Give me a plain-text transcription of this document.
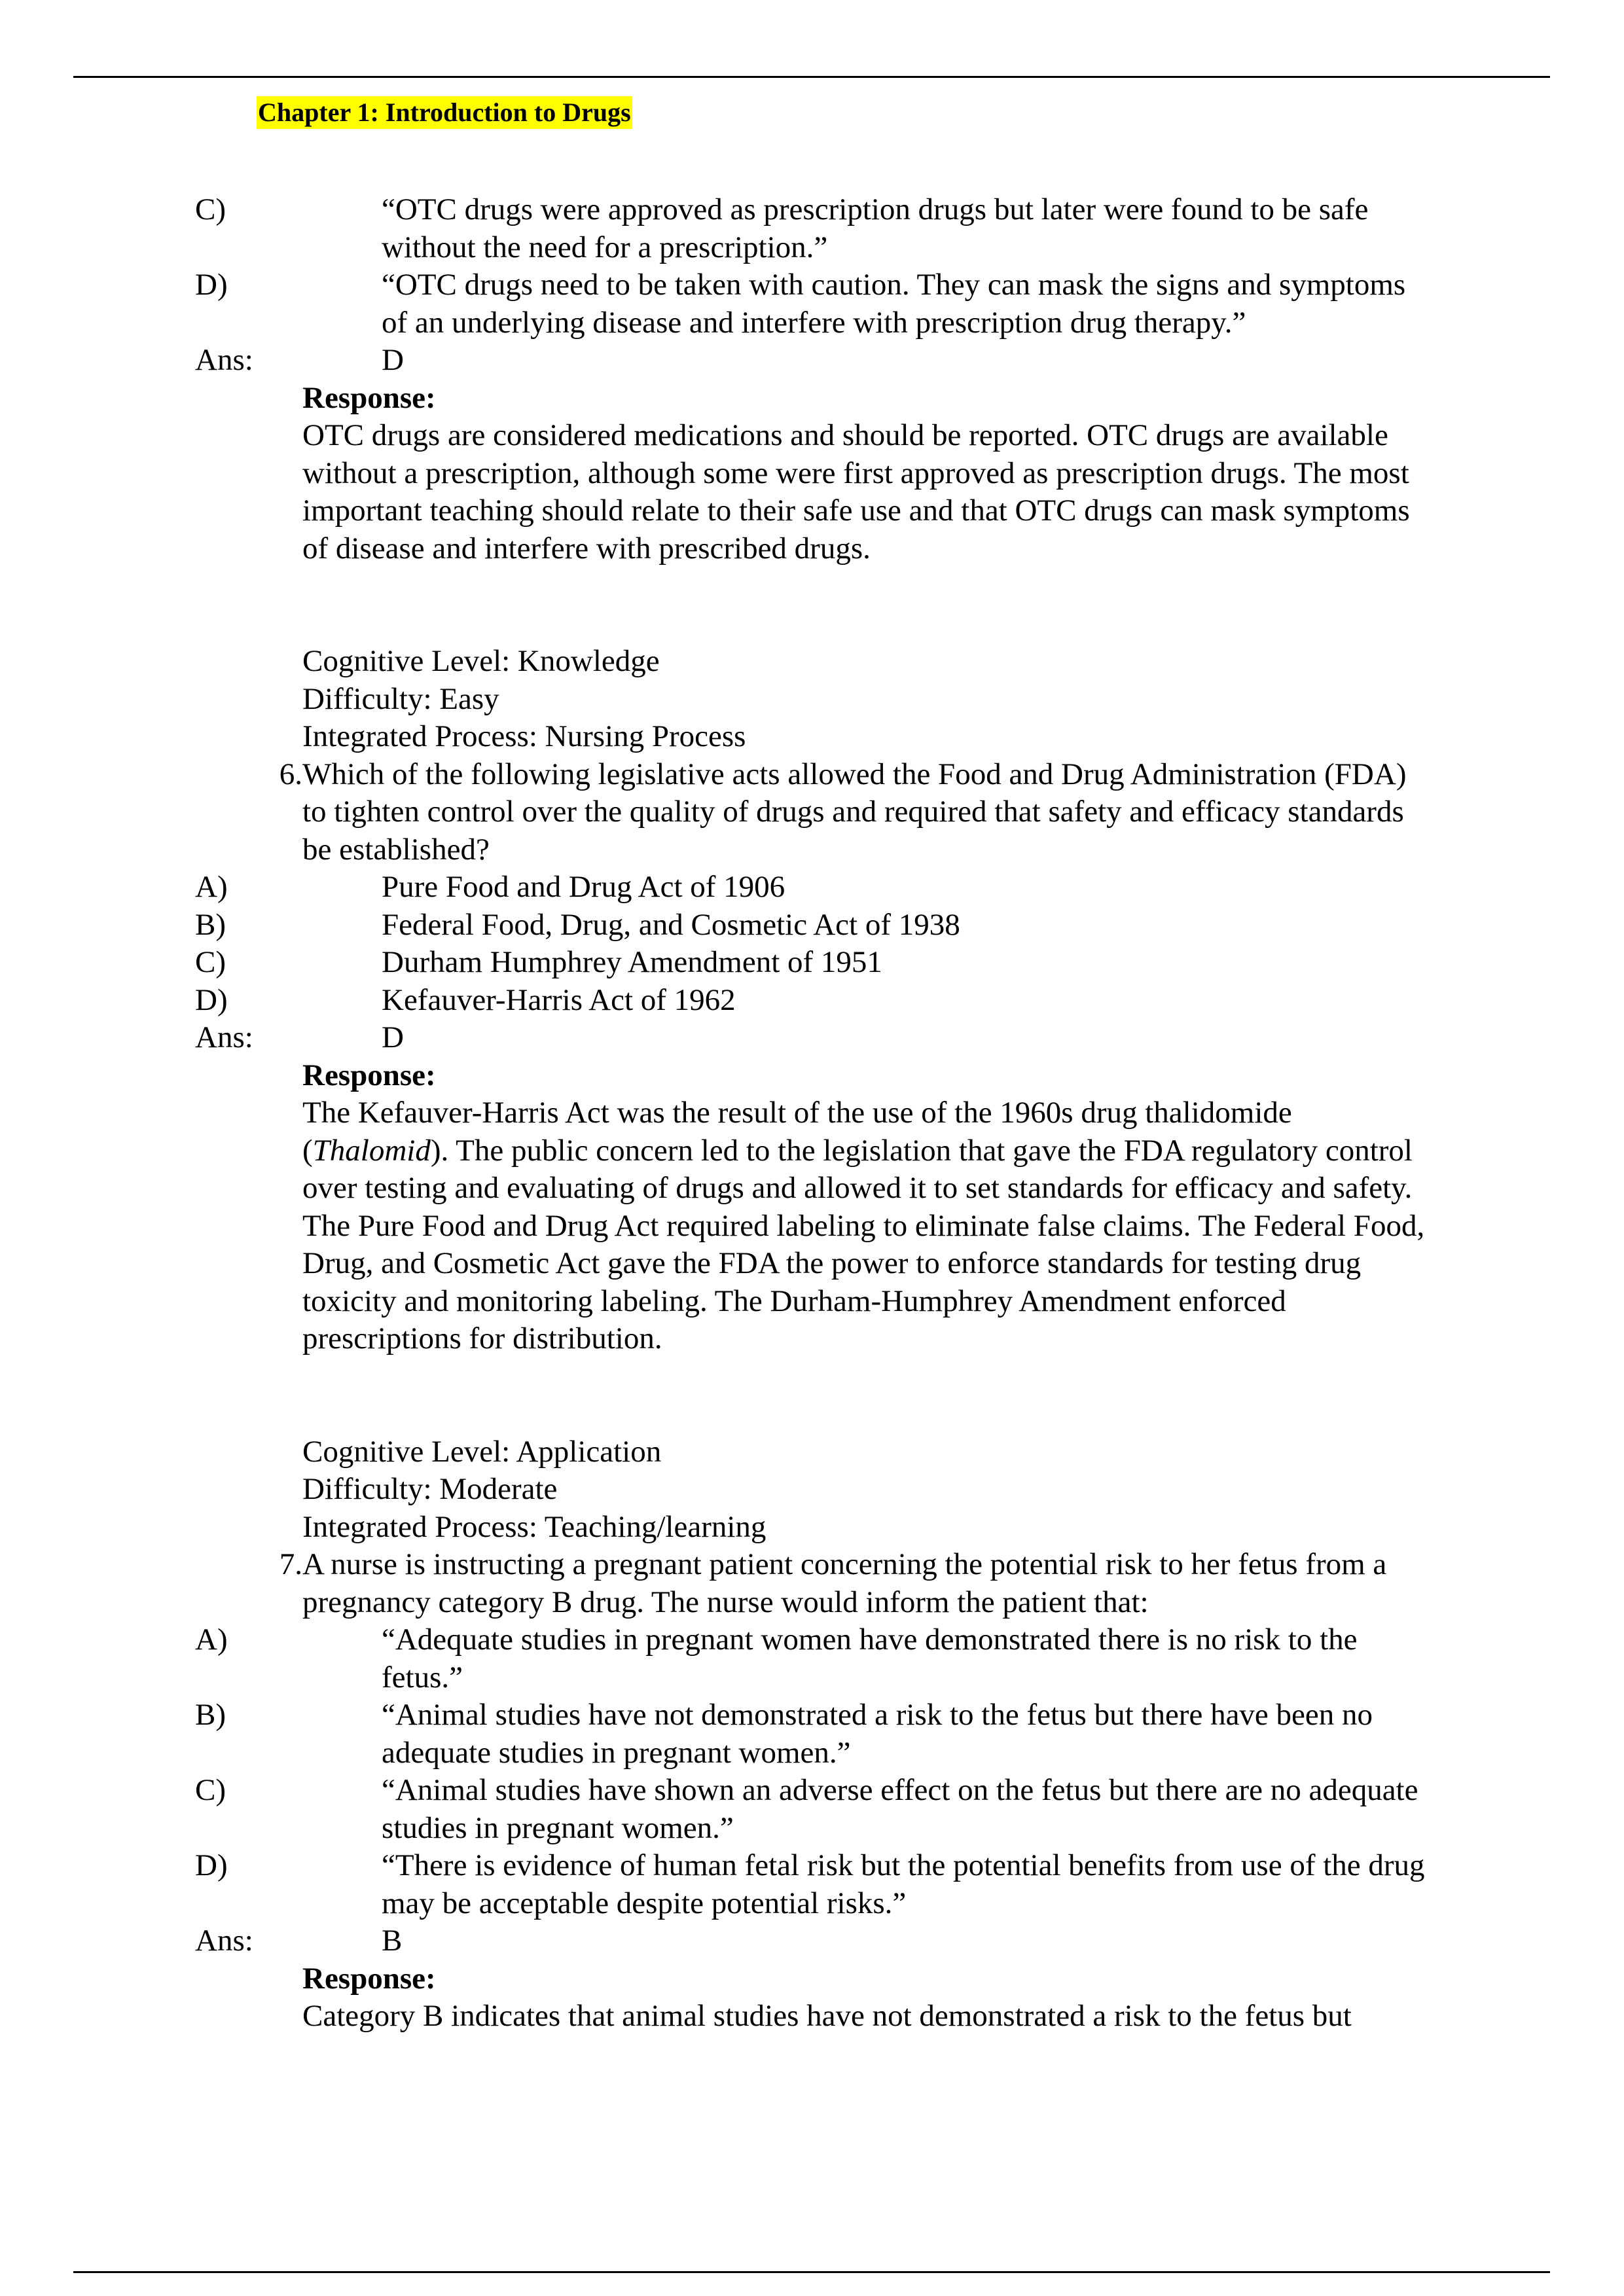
Chapter 1: Introduction to Drugs
C)	“OTC drugs were approved as prescription drugs but later were found to be safe without the need for a prescription.”
D)	“OTC drugs need to be taken with caution. They can mask the signs and symptoms of an underlying disease and interfere with prescription drug therapy.”
Ans:	D
Response:
OTC drugs are considered medications and should be reported. OTC drugs are available without a prescription, although some were first approved as prescription drugs. The most important teaching should relate to their safe use and that OTC drugs can mask symptoms of disease and interfere with prescribed drugs.
Cognitive Level: Knowledge
Difficulty: Easy
Integrated Process: Nursing Process
6. Which of the following legislative acts allowed the Food and Drug Administration (FDA) to tighten control over the quality of drugs and required that safety and efficacy standards be established?
A)	Pure Food and Drug Act of 1906
B)	Federal Food, Drug, and Cosmetic Act of 1938
C)	Durham Humphrey Amendment of 1951
D)	Kefauver-Harris Act of 1962
Ans:	D
Response:
The Kefauver-Harris Act was the result of the use of the 1960s drug thalidomide (Thalomid). The public concern led to the legislation that gave the FDA regulatory control over testing and evaluating of drugs and allowed it to set standards for efficacy and safety. The Pure Food and Drug Act required labeling to eliminate false claims. The Federal Food, Drug, and Cosmetic Act gave the FDA the power to enforce standards for testing drug toxicity and monitoring labeling. The Durham-Humphrey Amendment enforced prescriptions for distribution.
Cognitive Level: Application
Difficulty: Moderate
Integrated Process: Teaching/learning
7. A nurse is instructing a pregnant patient concerning the potential risk to her fetus from a pregnancy category B drug. The nurse would inform the patient that:
A)	“Adequate studies in pregnant women have demonstrated there is no risk to the fetus.”
B)	“Animal studies have not demonstrated a risk to the fetus but there have been no adequate studies in pregnant women.”
C)	“Animal studies have shown an adverse effect on the fetus but there are no adequate studies in pregnant women.”
D)	“There is evidence of human fetal risk but the potential benefits from use of the drug may be acceptable despite potential risks.”
Ans:	B
Response:
Category B indicates that animal studies have not demonstrated a risk to the fetus but
